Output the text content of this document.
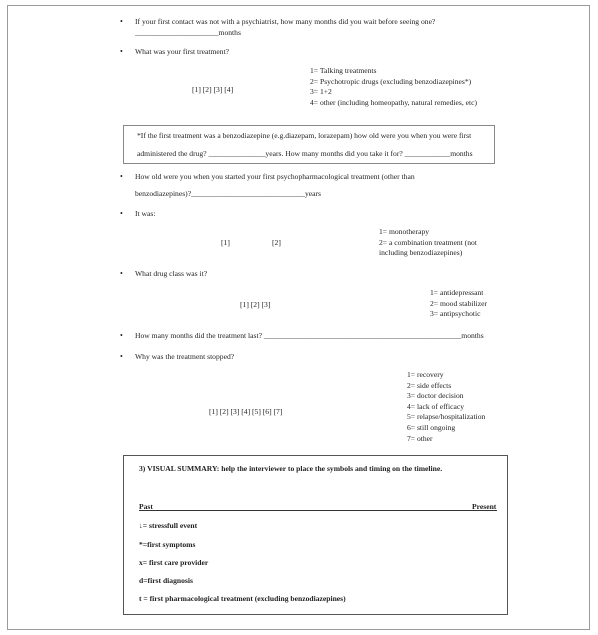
• If your first contact was not with a psychiatrist, how many months did you wait before seeing one?
______________________months
• What was your first treatment?
[1] [2] [3] [4]
1= Talking treatments
2= Psychotropic drugs (excluding benzodiazepines*)
3= 1+2
4= other (including homeopathy, natural remedies, etc)
*If the first treatment was a benzodiazepine (e.g.diazepam, lorazepam) how old were you when you were first
administered the drug? _______________years. How many months did you take it for? ____________months
• How old were you when you started your first psychopharmacological treatment (other than
benzodiazepines)?______________________________years
• It was:
[1]	[2]
1= monotherapy
2= a combination treatment (not
including benzodiazepines)
• What drug class was it?
[1] [2] [3]
1= antidepressant
2= mood stabilizer
3= antipsychotic
• How many months did the treatment last? ____________________________________________________months
• Why was the treatment stopped?
[1] [2] [3] [4] [5] [6] [7]
1= recovery
2= side effects
3= doctor decision
4= lack of efficacy
5= relapse/hospitalization
6= still ongoing
7= other
3) VISUAL SUMMARY: help the interviewer to place the symbols and timing on the timeline.
Past	Present
↓= stressfull event
*=first symptoms
x= first care provider
d=first diagnosis
t = first pharmacological treatment (excluding benzodiazepines)
